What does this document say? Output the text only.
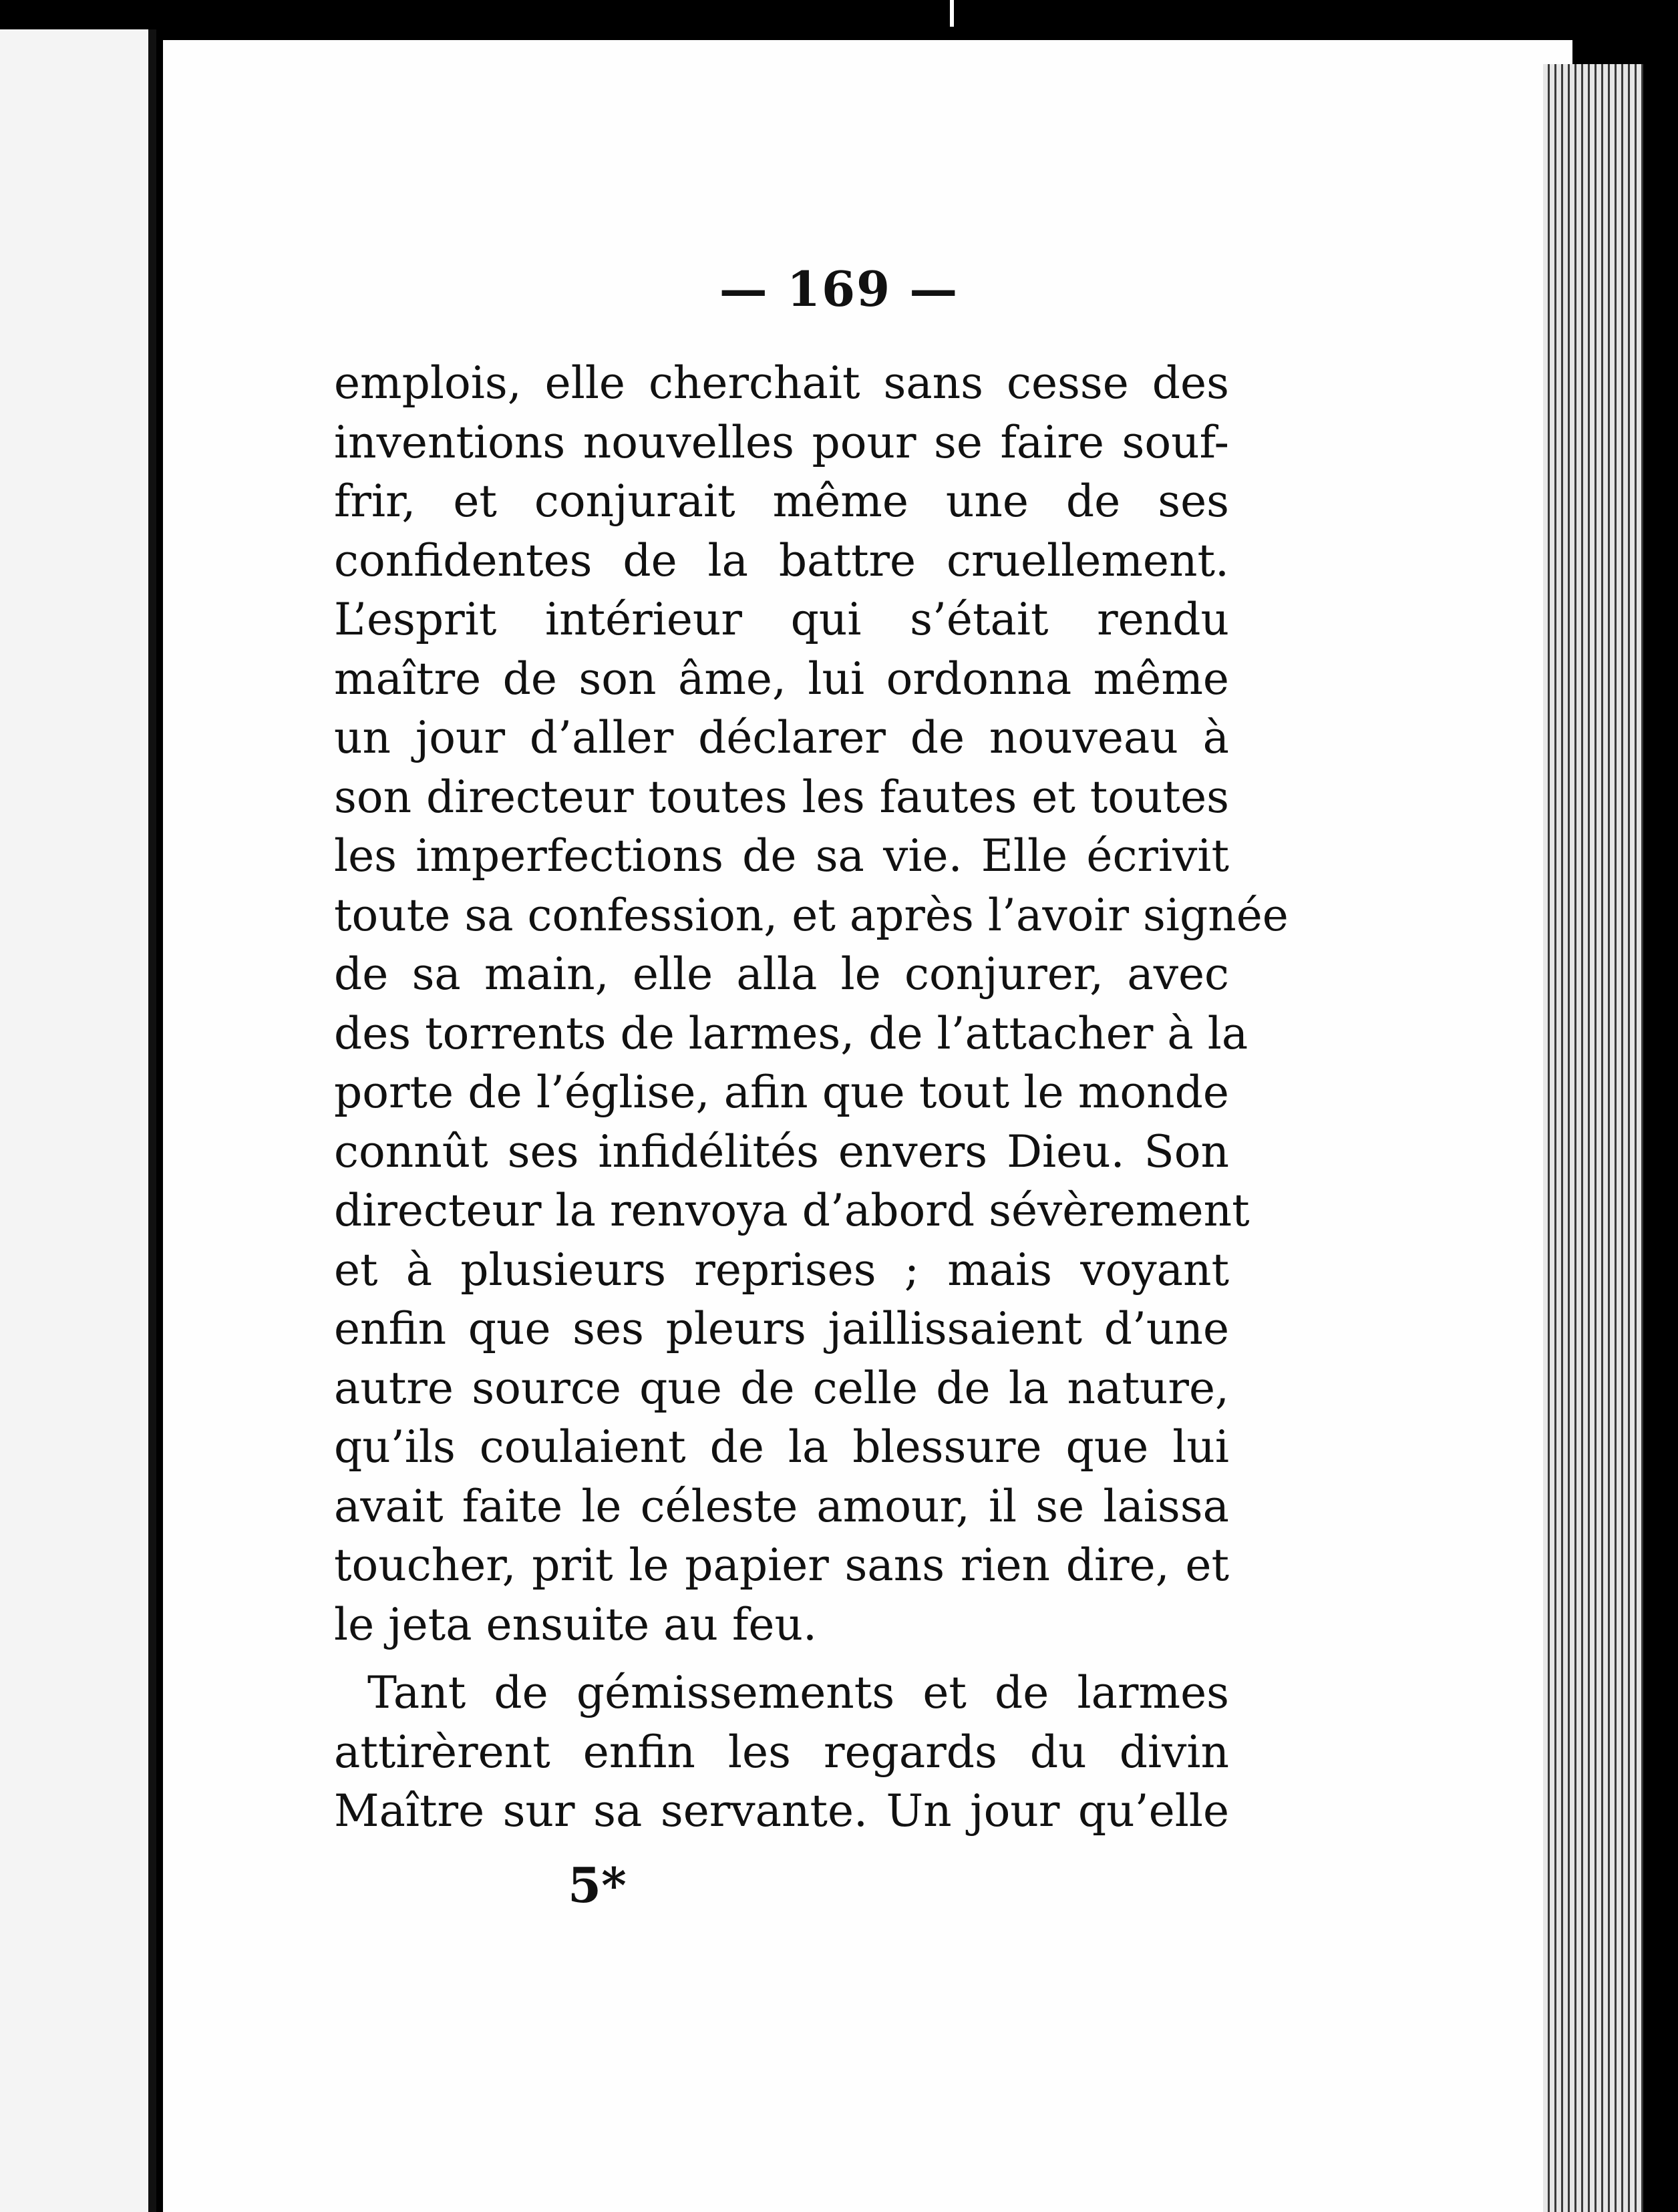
— 169 —
emplois, elle cherchait sans cesse des
inventions nouvelles pour se faire souf-
frir, et conjurait même une de ses
confidentes de la battre cruellement.
L’esprit intérieur qui s’était rendu
maître de son âme, lui ordonna même
un jour d’aller déclarer de nouveau à
son directeur toutes les fautes et toutes
les imperfections de sa vie. Elle écrivit
toute sa confession, et après l’avoir signée
de sa main, elle alla le conjurer, avec
des torrents de larmes, de l’attacher à la
porte de l’église, afin que tout le monde
connût ses infidélités envers Dieu. Son
directeur la renvoya d’abord sévèrement
et à plusieurs reprises ; mais voyant
enfin que ses pleurs jaillissaient d’une
autre source que de celle de la nature,
qu’ils coulaient de la blessure que lui
avait faite le céleste amour, il se laissa
toucher, prit le papier sans rien dire, et
le jeta ensuite au feu.
Tant de gémissements et de larmes
attirèrent enfin les regards du divin
Maître sur sa servante. Un jour qu’elle
5*
